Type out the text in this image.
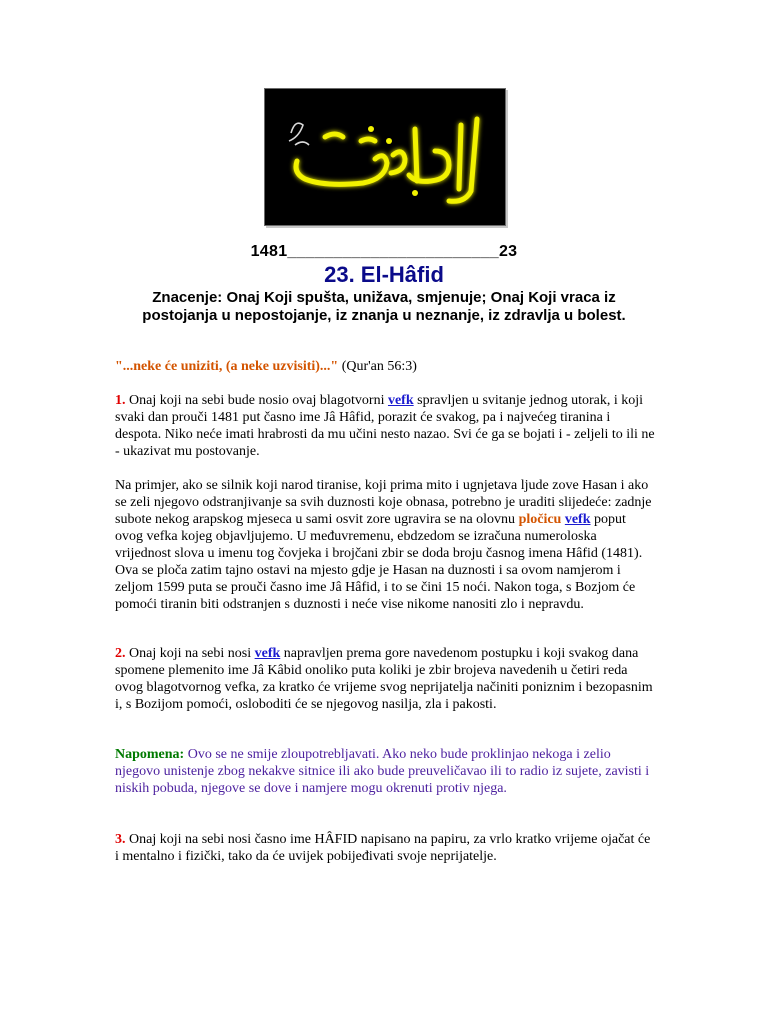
1481_______________________23
23. El-Hâfid
Znacenje: Onaj Koji spušta, unižava, smjenuje; Onaj Koji vraca iz postojanja u nepostojanje, iz znanja u neznanje, iz zdravlja u bolest.

"...neke će uniziti, (a neke uzvisiti)..." (Qur'an 56:3)

1. Onaj koji na sebi bude nosio ovaj blagotvorni vefk spravljen u svitanje jednog utorak, i koji svaki dan prouči 1481 put časno ime Jâ Hâfid, porazit će svakog, pa i najvećeg tiranina i despota. Niko neće imati hrabrosti da mu učini nesto nazao. Svi će ga se bojati i - zeljeli to ili ne - ukazivat mu postovanje.

Na primjer, ako se silnik koji narod tiranise, koji prima mito i ugnjetava ljude zove Hasan i ako se zeli njegovo odstranjivanje sa svih duznosti koje obnasa, potrebno je uraditi slijedeće: zadnje subote nekog arapskog mjeseca u sami osvit zore ugravira se na olovnu pločicu vefk poput ovog vefka kojeg objavljujemo. U međuvremenu, ebdzedom se izračuna numeroloska vrijednost slova u imenu tog čovjeka i brojčani zbir se doda broju časnog imena Hâfid (1481). Ova se ploča zatim tajno ostavi na mjesto gdje je Hasan na duznosti i sa ovom namjerom i zeljom 1599 puta se prouči časno ime Jâ Hâfid, i to se čini 15 noći. Nakon toga, s Bozjom će pomoći tiranin biti odstranjen s duznosti i neće vise nikome nanositi zlo i nepravdu.

2. Onaj koji na sebi nosi vefk napravljen prema gore navedenom postupku i koji svakog dana spomene plemenito ime Jâ Kâbid onoliko puta koliki je zbir brojeva navedenih u četiri reda ovog blagotvornog vefka, za kratko će vrijeme svog neprijatelja načiniti poniznim i bezopasnim i, s Bozijom pomoći, osloboditi će se njegovog nasilja, zla i pakosti.

Napomena: Ovo se ne smije zloupotrebljavati. Ako neko bude proklinjao nekoga i zelio njegovo unistenje zbog nekakve sitnice ili ako bude preuveličavao ili to radio iz sujete, zavisti i niskih pobuda, njegove se dove i namjere mogu okrenuti protiv njega.

3. Onaj koji na sebi nosi časno ime HÂFID napisano na papiru, za vrlo kratko vrijeme ojačat će i mentalno i fizički, tako da će uvijek pobijeđivati svoje neprijatelje.
